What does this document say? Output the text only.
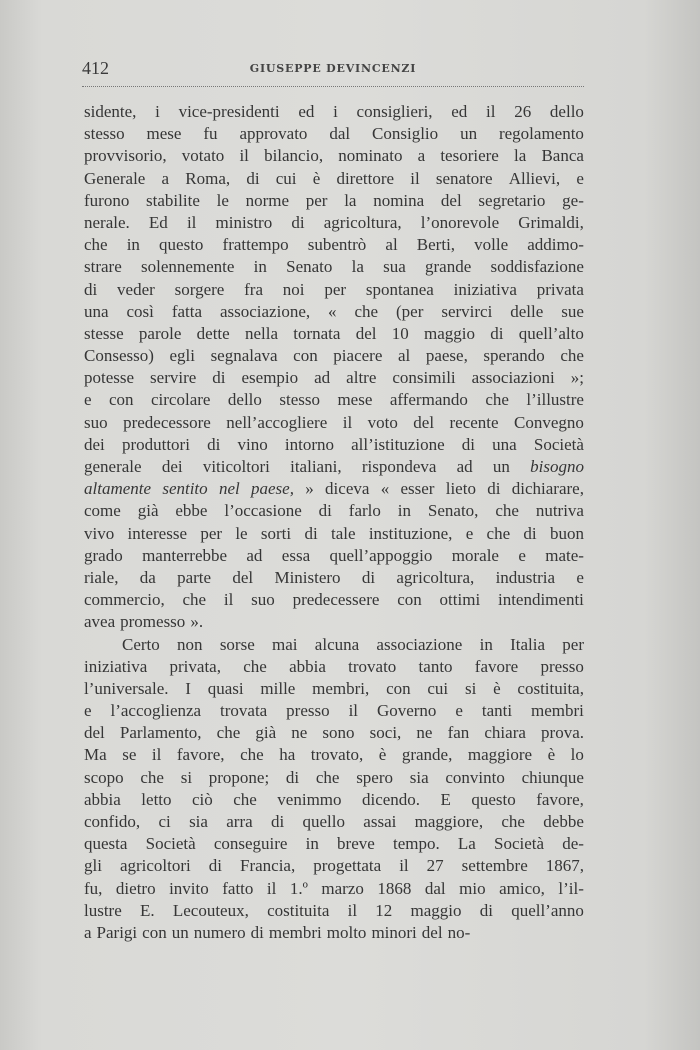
412	GIUSEPPE DEVINCENZI
sidente, i vice-presidenti ed i consiglieri, ed il 26 dello
stesso mese fu approvato dal Consiglio un regolamento
provvisorio, votato il bilancio, nominato a tesoriere la Banca
Generale a Roma, di cui è direttore il senatore Allievi, e
furono stabilite le norme per la nomina del segretario ge-
nerale. Ed il ministro di agricoltura, l’onorevole Grimaldi,
che in questo frattempo subentrò al Berti, volle addimo-
strare solennemente in Senato la sua grande soddisfazione
di veder sorgere fra noi per spontanea iniziativa privata
una così fatta associazione, « che (per servirci delle sue
stesse parole dette nella tornata del 10 maggio di quell’alto
Consesso) egli segnalava con piacere al paese, sperando che
potesse servire di esempio ad altre consimili associazioni »;
e con circolare dello stesso mese affermando che l’illustre
suo predecessore nell’accogliere il voto del recente Convegno
dei produttori di vino intorno all’istituzione di una Società
generale dei viticoltori italiani, rispondeva ad un bisogno
altamente sentito nel paese, » diceva « esser lieto di dichiarare,
come già ebbe l’occasione di farlo in Senato, che nutriva
vivo interesse per le sorti di tale instituzione, e che di buon
grado manterrebbe ad essa quell’appoggio morale e mate-
riale, da parte del Ministero di agricoltura, industria e
commercio, che il suo predecessere con ottimi intendimenti
avea promesso ».
Certo non sorse mai alcuna associazione in Italia per
iniziativa privata, che abbia trovato tanto favore presso
l’universale. I quasi mille membri, con cui si è costituita,
e l’accoglienza trovata presso il Governo e tanti membri
del Parlamento, che già ne sono soci, ne fan chiara prova.
Ma se il favore, che ha trovato, è grande, maggiore è lo
scopo che si propone; di che spero sia convinto chiunque
abbia letto ciò che venimmo dicendo. E questo favore,
confido, ci sia arra di quello assai maggiore, che debbe
questa Società conseguire in breve tempo. La Società de-
gli agricoltori di Francia, progettata il 27 settembre 1867,
fu, dietro invito fatto il 1.º marzo 1868 dal mio amico, l’il-
lustre E. Lecouteux, costituita il 12 maggio di quell’anno
a Parigi con un numero di membri molto minori del no-
